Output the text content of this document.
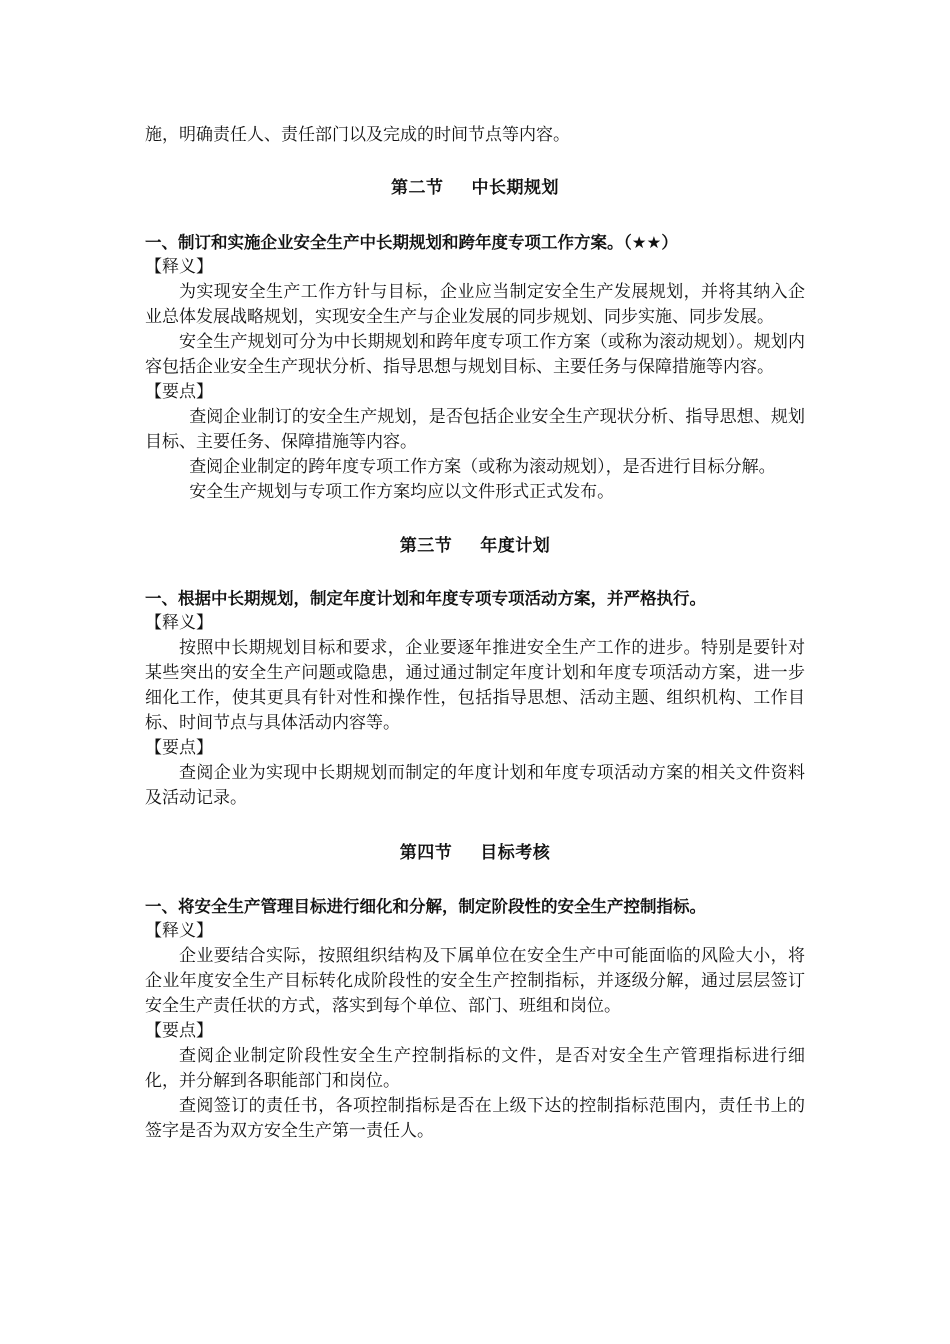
施，明确责任人、责任部门以及完成的时间节点等内容。

第二节 中长期规划

一、制订和实施企业安全生产中长期规划和跨年度专项工作方案。（★★）

【释义】

为实现安全生产工作方针与目标，企业应当制定安全生产发展规划，并将其纳入企业总体发展战略规划，实现安全生产与企业发展的同步规划、同步实施、同步发展。

安全生产规划可分为中长期规划和跨年度专项工作方案（或称为滚动规划）。规划内容包括企业安全生产现状分析、指导思想与规划目标、主要任务与保障措施等内容。

【要点】

查阅企业制订的安全生产规划，是否包括企业安全生产现状分析、指导思想、规划目标、主要任务、保障措施等内容。

查阅企业制定的跨年度专项工作方案（或称为滚动规划），是否进行目标分解。

安全生产规划与专项工作方案均应以文件形式正式发布。

第三节 年度计划

一、根据中长期规划，制定年度计划和年度专项专项活动方案，并严格执行。

【释义】

按照中长期规划目标和要求，企业要逐年推进安全生产工作的进步。特别是要针对某些突出的安全生产问题或隐患，通过通过制定年度计划和年度专项活动方案，进一步细化工作，使其更具有针对性和操作性，包括指导思想、活动主题、组织机构、工作目标、时间节点与具体活动内容等。

【要点】

查阅企业为实现中长期规划而制定的年度计划和年度专项活动方案的相关文件资料及活动记录。

第四节 目标考核

一、将安全生产管理目标进行细化和分解，制定阶段性的安全生产控制指标。

【释义】

企业要结合实际，按照组织结构及下属单位在安全生产中可能面临的风险大小，将企业年度安全生产目标转化成阶段性的安全生产控制指标，并逐级分解，通过层层签订安全生产责任状的方式，落实到每个单位、部门、班组和岗位。

【要点】

查阅企业制定阶段性安全生产控制指标的文件，是否对安全生产管理指标进行细化，并分解到各职能部门和岗位。

查阅签订的责任书，各项控制指标是否在上级下达的控制指标范围内，责任书上的签字是否为双方安全生产第一责任人。
